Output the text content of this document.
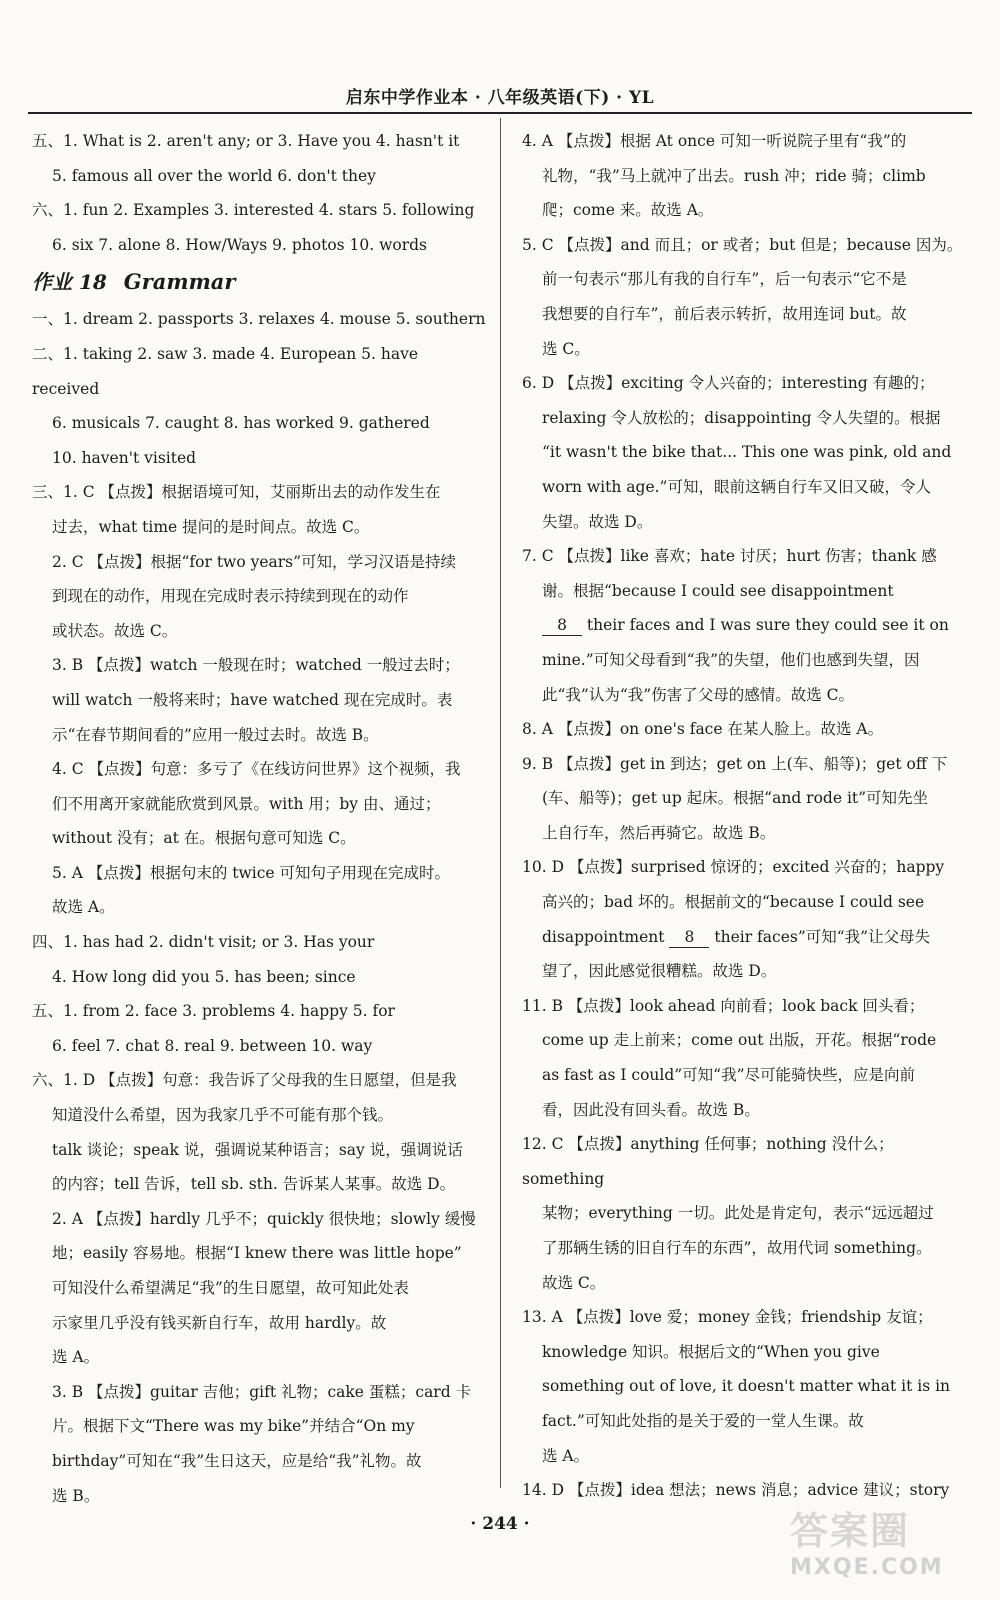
启东中学作业本 · 八年级英语(下) · YL

五、1. What is 2. aren't any; or 3. Have you 4. hasn't it

5. famous all over the world 6. don't they

六、1. fun 2. Examples 3. interested 4. stars 5. following

6. six 7. alone 8. How/Ways 9. photos 10. words

作业 18 Grammar

一、1. dream 2. passports 3. relaxes 4. mouse 5. southern

二、1. taking 2. saw 3. made 4. European 5. have received

6. musicals 7. caught 8. has worked 9. gathered

10. haven't visited

三、1. C 【点拨】根据语境可知，艾丽斯出去的动作发生在

过去，what time 提问的是时间点。故选 C。

2. C 【点拨】根据“for two years”可知，学习汉语是持续

到现在的动作，用现在完成时表示持续到现在的动作

或状态。故选 C。

3. B 【点拨】watch 一般现在时；watched 一般过去时；

will watch 一般将来时；have watched 现在完成时。表

示“在春节期间看的”应用一般过去时。故选 B。

4. C 【点拨】句意：多亏了《在线访问世界》这个视频，我

们不用离开家就能欣赏到风景。with 用；by 由、通过；

without 没有；at 在。根据句意可知选 C。

5. A 【点拨】根据句末的 twice 可知句子用现在完成时。

故选 A。

四、1. has had 2. didn't visit; or 3. Has your

4. How long did you 5. has been; since

五、1. from 2. face 3. problems 4. happy 5. for

6. feel 7. chat 8. real 9. between 10. way

六、1. D 【点拨】句意：我告诉了父母我的生日愿望，但是我

知道没什么希望，因为我家几乎不可能有那个钱。

talk 谈论；speak 说，强调说某种语言；say 说，强调说话

的内容；tell 告诉，tell sb. sth. 告诉某人某事。故选 D。

2. A 【点拨】hardly 几乎不；quickly 很快地；slowly 缓慢

地；easily 容易地。根据“I knew there was little hope”

可知没什么希望满足“我”的生日愿望，故可知此处表

示家里几乎没有钱买新自行车，故用 hardly。故

选 A。

3. B 【点拨】guitar 吉他；gift 礼物；cake 蛋糕；card 卡

片。根据下文“There was my bike”并结合“On my

birthday”可知在“我”生日这天，应是给“我”礼物。故

选 B。

4. A 【点拨】根据 At once 可知一听说院子里有“我”的

礼物，“我”马上就冲了出去。rush 冲；ride 骑；climb

爬；come 来。故选 A。

5. C 【点拨】and 而且；or 或者；but 但是；because 因为。

前一句表示“那儿有我的自行车”，后一句表示“它不是

我想要的自行车”，前后表示转折，故用连词 but。故

选 C。

6. D 【点拨】exciting 令人兴奋的；interesting 有趣的；

relaxing 令人放松的；disappointing 令人失望的。根据

“it wasn't the bike that... This one was pink, old and

worn with age.”可知，眼前这辆自行车又旧又破，令人

失望。故选 D。

7. C 【点拨】like 喜欢；hate 讨厌；hurt 伤害；thank 感

谢。根据“because I could see disappointment

8 their faces and I was sure they could see it on

mine.”可知父母看到“我”的失望，他们也感到失望，因

此“我”认为“我”伤害了父母的感情。故选 C。

8. A 【点拨】on one's face 在某人脸上。故选 A。

9. B 【点拨】get in 到达；get on 上(车、船等)；get off 下

(车、船等)；get up 起床。根据“and rode it”可知先坐

上自行车，然后再骑它。故选 B。

10. D 【点拨】surprised 惊讶的；excited 兴奋的；happy

高兴的；bad 坏的。根据前文的“because I could see

disappointment 8 their faces”可知“我”让父母失

望了，因此感觉很糟糕。故选 D。

11. B 【点拨】look ahead 向前看；look back 回头看；

come up 走上前来；come out 出版，开花。根据“rode

as fast as I could”可知“我”尽可能骑快些，应是向前

看，因此没有回头看。故选 B。

12. C 【点拨】anything 任何事；nothing 没什么；something

某物；everything 一切。此处是肯定句，表示“远远超过

了那辆生锈的旧自行车的东西”，故用代词 something。

故选 C。

13. A 【点拨】love 爱；money 金钱；friendship 友谊；

knowledge 知识。根据后文的“When you give

something out of love, it doesn't matter what it is in

fact.”可知此处指的是关于爱的一堂人生课。故

选 A。

14. D 【点拨】idea 想法；news 消息；advice 建议；story

· 244 ·	答案圈
MXQE.COM
